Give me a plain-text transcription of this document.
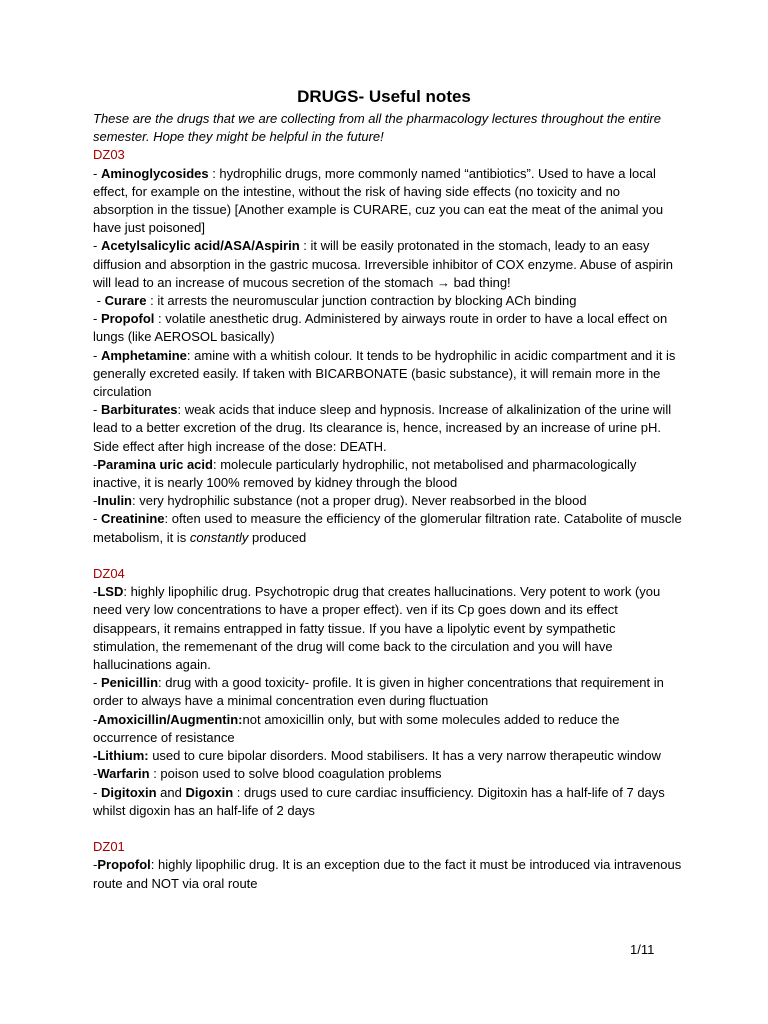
DRUGS- Useful notes

These are the drugs that we are collecting from all the pharmacology lectures throughout the entire semester. Hope they might be helpful in the future!

DZ03

- Aminoglycosides : hydrophilic drugs, more commonly named “antibiotics”. Used to have a local effect, for example on the intestine, without the risk of having side effects (no toxicity and no absorption in the tissue) [Another example is CURARE, cuz you can eat the meat of the animal you have just poisoned]

- Acetylsalicylic acid/ASA/Aspirin : it will be easily protonated in the stomach, leady to an easy diffusion and absorption in the gastric mucosa. Irreversible inhibitor of COX enzyme. Abuse of aspirin will lead to an increase of mucous secretion of the stomach → bad thing!

- Curare : it arrests the neuromuscular junction contraction by blocking ACh binding

- Propofol : volatile anesthetic drug. Administered by airways route in order to have a local effect on lungs (like AEROSOL basically)

- Amphetamine: amine with a whitish colour. It tends to be hydrophilic in acidic compartment and it is generally excreted easily. If taken with BICARBONATE (basic substance), it will remain more in the circulation

- Barbiturates: weak acids that induce sleep and hypnosis. Increase of alkalinization of the urine will lead to a better excretion of the drug. Its clearance is, hence, increased by an increase of urine pH. Side effect after high increase of the dose: DEATH.

-Paramina uric acid: molecule particularly hydrophilic, not metabolised and pharmacologically inactive, it is nearly 100% removed by kidney through the blood

-Inulin: very hydrophilic substance (not a proper drug). Never reabsorbed in the blood

- Creatinine: often used to measure the efficiency of the glomerular filtration rate. Catabolite of muscle metabolism, it is constantly produced

DZ04

-LSD: highly lipophilic drug. Psychotropic drug that creates hallucinations. Very potent to work (you need very low concentrations to have a proper effect). ven if its Cp goes down and its effect disappears, it remains entrapped in fatty tissue. If you have a lipolytic event by sympathetic stimulation, the rememenant of the drug will come back to the circulation and you will have hallucinations again.

- Penicillin: drug with a good toxicity- profile. It is given in higher concentrations that requirement in order to always have a minimal concentration even during fluctuation

-Amoxicillin/Augmentin:not amoxicillin only, but with some molecules added to reduce the occurrence of resistance

-Lithium: used to cure bipolar disorders. Mood stabilisers. It has a very narrow therapeutic window

-Warfarin : poison used to solve blood coagulation problems

- Digitoxin and Digoxin : drugs used to cure cardiac insufficiency. Digitoxin has a half-life of 7 days whilst digoxin has an half-life of 2 days

DZ01

-Propofol: highly lipophilic drug. It is an exception due to the fact it must be introduced via intravenous route and NOT via oral route

1/11
